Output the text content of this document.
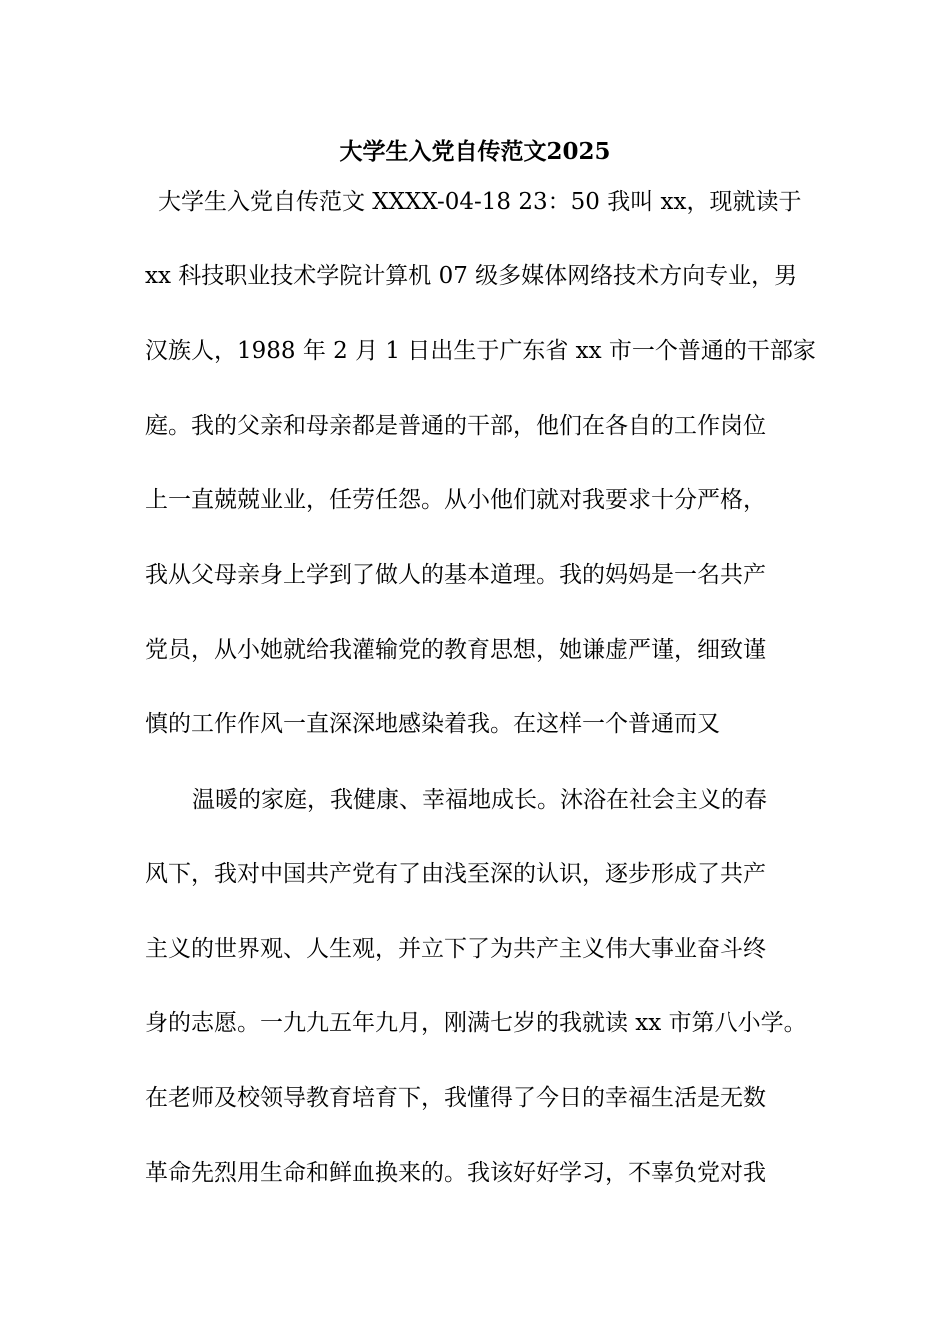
大学生入党自传范文2025
大学生入党自传范文 XXXX-04-18 23：50 我叫 xx，现就读于
xx 科技职业技术学院计算机 07 级多媒体网络技术方向专业，男
汉族人，1988 年 2 月 1 日出生于广东省 xx 市一个普通的干部家
庭。我的父亲和母亲都是普通的干部，他们在各自的工作岗位
上一直兢兢业业，任劳任怨。从小他们就对我要求十分严格，
我从父母亲身上学到了做人的基本道理。我的妈妈是一名共产
党员，从小她就给我灌输党的教育思想，她谦虚严谨，细致谨
慎的工作作风一直深深地感染着我。在这样一个普通而又
温暖的家庭，我健康、幸福地成长。沐浴在社会主义的春
风下，我对中国共产党有了由浅至深的认识，逐步形成了共产
主义的世界观、人生观，并立下了为共产主义伟大事业奋斗终
身的志愿。一九九五年九月，刚满七岁的我就读 xx 市第八小学。
在老师及校领导教育培育下，我懂得了今日的幸福生活是无数
革命先烈用生命和鲜血换来的。我该好好学习，不辜负党对我
